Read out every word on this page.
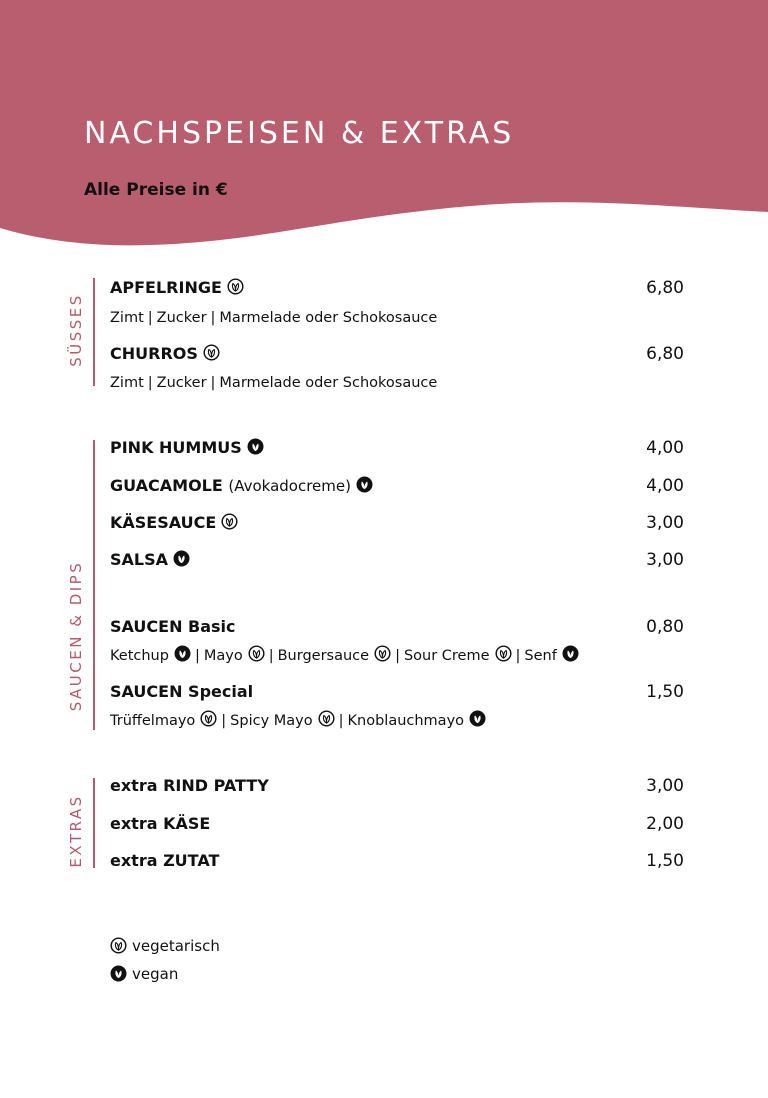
NACHSPEISEN & EXTRAS
Alle Preise in €
SÜSSES
APFELRINGE	6,80
Zimt | Zucker | Marmelade oder Schokosauce
CHURROS	6,80
Zimt | Zucker | Marmelade oder Schokosauce
SAUCEN & DIPS
PINK HUMMUS	4,00
GUACAMOLE (Avokadocreme)	4,00
KÄSESAUCE	3,00
SALSA	3,00
SAUCEN Basic	0,80
Ketchup | Mayo | Burgersauce | Sour Creme | Senf
SAUCEN Special	1,50
Trüffelmayo | Spicy Mayo | Knoblauchmayo
EXTRAS
extra RIND PATTY	3,00
extra KÄSE	2,00
extra ZUTAT	1,50
vegetarisch
vegan
